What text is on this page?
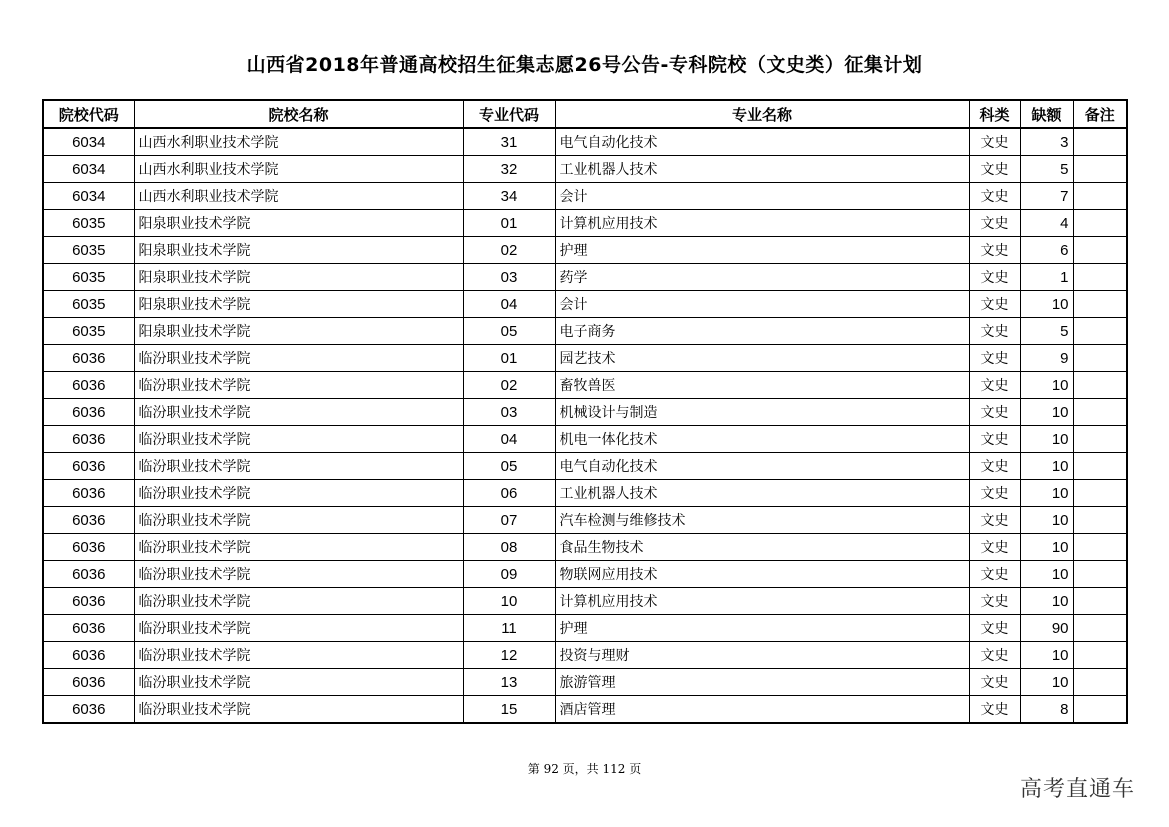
山西省2018年普通高校招生征集志愿26号公告-专科院校（文史类）征集计划
院校代码	院校名称	专业代码	专业名称	科类	缺额	备注
6034	山西水利职业技术学院	31	电气自动化技术	文史	3	
6034	山西水利职业技术学院	32	工业机器人技术	文史	5	
6034	山西水利职业技术学院	34	会计	文史	7	
6035	阳泉职业技术学院	01	计算机应用技术	文史	4	
6035	阳泉职业技术学院	02	护理	文史	6	
6035	阳泉职业技术学院	03	药学	文史	1	
6035	阳泉职业技术学院	04	会计	文史	10	
6035	阳泉职业技术学院	05	电子商务	文史	5	
6036	临汾职业技术学院	01	园艺技术	文史	9	
6036	临汾职业技术学院	02	畜牧兽医	文史	10	
6036	临汾职业技术学院	03	机械设计与制造	文史	10	
6036	临汾职业技术学院	04	机电一体化技术	文史	10	
6036	临汾职业技术学院	05	电气自动化技术	文史	10	
6036	临汾职业技术学院	06	工业机器人技术	文史	10	
6036	临汾职业技术学院	07	汽车检测与维修技术	文史	10	
6036	临汾职业技术学院	08	食品生物技术	文史	10	
6036	临汾职业技术学院	09	物联网应用技术	文史	10	
6036	临汾职业技术学院	10	计算机应用技术	文史	10	
6036	临汾职业技术学院	11	护理	文史	90	
6036	临汾职业技术学院	12	投资与理财	文史	10	
6036	临汾职业技术学院	13	旅游管理	文史	10	
6036	临汾职业技术学院	15	酒店管理	文史	8	
第 92 页，共 112 页
高考直通车
